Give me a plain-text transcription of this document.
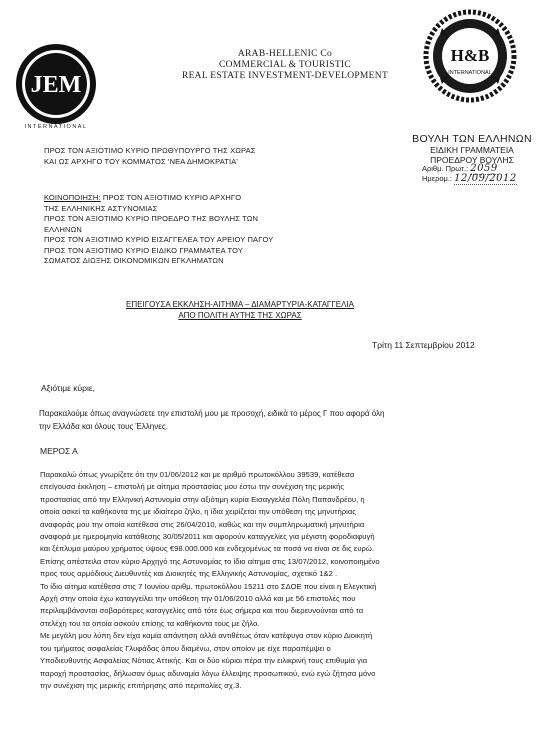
JEM
INTERNATIONAL
H&B
INTERNATIONAL
ARAB-HELLENIC Co
COMMERCIAL & TOURISTIC
REAL ESTATE INVESTMENT-DEVELOPMENT
ΒΟΥΛΗ ΤΩΝ ΕΛΛΗΝΩΝ
ΕΙΔΙΚΗ ΓΡΑΜΜΑΤΕΙΑ
ΠΡΟΕΔΡΟΥ ΒΟΥΛΗΣ
Αριθμ. Πρωτ.: 2059
Ημερομ.: 12/09/2012
ΠΡΟΣ ΤΟΝ ΑΞΙΟΤΙΜΟ ΚΥΡΙΟ ΠΡΩΘΥΠΟΥΡΓΟ ΤΗΣ ΧΩΡΑΣ
ΚΑΙ ΩΣ ΑΡΧΗΓΟ ΤΟΥ ΚΟΜΜΑΤΟΣ 'ΝΕΑ ΔΗΜΟΚΡΑΤΙΑ'
ΚΟΙΝΟΠΟΙΗΣΗ: ΠΡΟΣ ΤΟΝ ΑΞΙΟΤΙΜΟ ΚΥΡΙΟ ΑΡΧΗΓΟ
ΤΗΣ ΕΛΛΗΝΙΚΗΣ ΑΣΤΥΝΟΜΙΑΣ
ΠΡΟΣ ΤΟΝ ΑΞΙΟΤΙΜΟ ΚΥΡΙΟ ΠΡΟΕΔΡΟ ΤΗΣ ΒΟΥΛΗΣ ΤΩΝ
ΕΛΛΗΝΩΝ
ΠΡΟΣ ΤΟΝ ΑΞΙΟΤΙΜΟ ΚΥΡΙΟ ΕΙΣΑΓΓΕΛΕΑ ΤΟΥ ΑΡΕΙΟΥ ΠΑΓΟΥ
ΠΡΟΣ ΤΟΝ ΑΞΙΟΤΙΜΟ ΚΥΡΙΟ ΕΙΔΙΚΟ ΓΡΑΜΜΑΤΕΑ ΤΟΥ
ΣΩΜΑΤΟΣ ΔΙΩΞΗΣ ΟΙΚΟΝΟΜΙΚΩΝ ΕΓΚΛΗΜΑΤΩΝ
ΕΠΕΙΓΟΥΣΑ ΕΚΚΛΗΣΗ-ΑΙΤΗΜΑ – ΔΙΑΜΑΡΤΥΡΙΑ-ΚΑΤΑΓΓΕΛΙΑ
ΑΠΟ ΠΟΛΙΤΗ ΑΥΤΗΣ ΤΗΣ ΧΩΡΑΣ
Τρίτη 11 Σεπτεμβρίου 2012
Αξιότιμε κύριε,
Παρακαλούμε όπως αναγνώσετε την επιστολή μου με προσοχή, ειδικά το μέρος Γ που αφορά όλη
την Ελλάδα και όλους τους Έλληνες.
ΜΕΡΟΣ Α
Παρακαλώ όπως γνωρίζετε ότι την 01/06/2012 και με αριθμό πρωτοκόλλου 39539, κατέθεσα
επείγουσα έκκληση – επιστολή με αίτημα προστασίας μου έστω την συνέχιση της μερικής
προστασίας από την Ελληνική Αστυνομία στην αξιότιμη κυρία Εισαγγελέα Πόλη Παπανδρέου, η
οποία ασκεί τα καθήκοντα της με ιδιαίτερο ζήλο, η ίδια χειρίζεται την υπόθεση της μηνυτήριας
αναφοράς μου την οποία κατέθεσα στις 26/04/2010, καθώς και την συμπληρωματική μηνυτήρια
αναφορά με ημερομηνία κατάθεσης 30/05/2011 και αφορούν καταγγελίες για μέγιστη φοροδιαφυγή
και ξέπλυμα μαύρου χρήματος ύψους €98.000.000 και ενδεχομένως τα ποσά να είναι σε δις ευρώ.
Επίσης απέστειλα στον κύριο Αρχηγό της Αστυνομίας το ίδιο αίτημα στις 13/07/2012, κοινοποιημένο
προς τους αρμόδιους Διευθυντές και Διοικητές της Ελληνικής Αστυνομίας, σχετικό 1&2 .
Το ίδιο αίτημα κατέθεσα στις 7 Ιουνίου αριθμ. πρωτοκόλλου 15211 στο ΣΔΟΕ που είναι η Ελεγκτική
Αρχή στην οποία έχω καταγγείλει την υπόθεση την 01/06/2010 αλλά και με 56 επιστολές που
περιλαμβάνονται σοβαρότερες καταγγελίες από τότε έως σήμερα και που διερευνούνται από τα
στελέχη του τα οποία ασκούν επίσης τα καθήκοντα τους με ζήλο.
Με μεγάλη μου λύπη δεν είχα καμία απάντηση αλλά αντιθέτως όταν κατέφυγα στον κύριο Διοικητή
του τμήματος ασφαλείας Γλυφάδας όπου διαμένω, στον οποίον με είχε παραπέμψει ο
Υποδιευθυντής Ασφαλείας Νότιας Αττικής. Και οι δύο κύριοι πέρα την ειλικρινή τους επιθυμία για
παροχή προστασίας, δήλωσαν όμως αδυναμία λόγω έλλειψης προσωπικού, ενώ εγώ ζήτησα μόνο
την συνέχιση της μερικής επιτήρησης από περιπολίες σχ.3.
